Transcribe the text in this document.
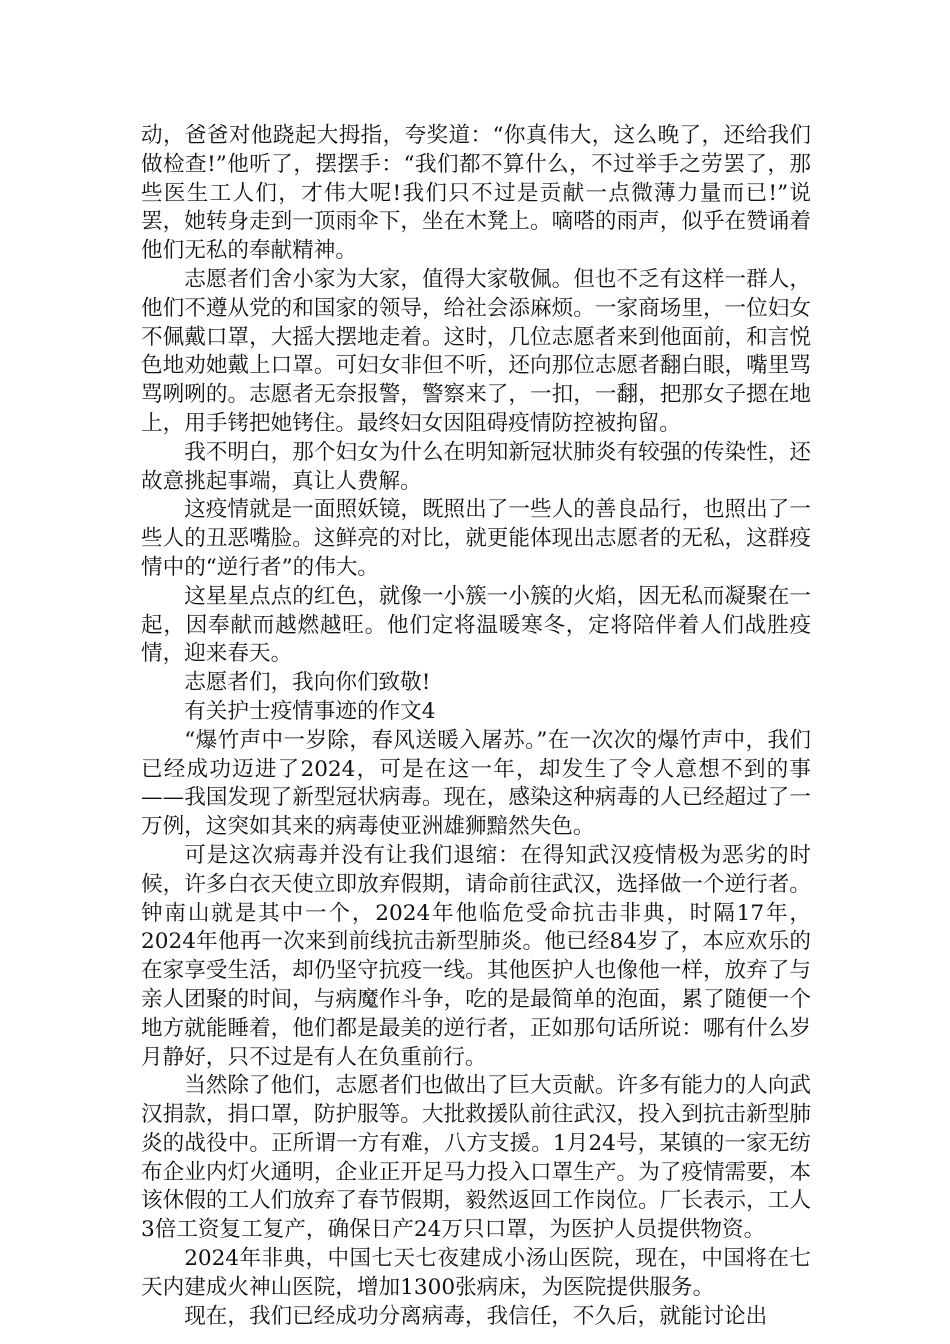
动，爸爸对他跷起大拇指，夸奖道：“你真伟大，这么晚了，还给我们做检查!”他听了，摆摆手：“我们都不算什么，不过举手之劳罢了，那些医生工人们，才伟大呢!我们只不过是贡献一点微薄力量而已!”说罢，她转身走到一顶雨伞下，坐在木凳上。嘀嗒的雨声，似乎在赞诵着他们无私的奉献精神。

志愿者们舍小家为大家，值得大家敬佩。但也不乏有这样一群人，他们不遵从党的和国家的领导，给社会添麻烦。一家商场里，一位妇女不佩戴口罩，大摇大摆地走着。这时，几位志愿者来到他面前，和言悦色地劝她戴上口罩。可妇女非但不听，还向那位志愿者翻白眼，嘴里骂骂咧咧的。志愿者无奈报警，警察来了，一扣，一翻，把那女子摁在地上，用手铐把她铐住。最终妇女因阻碍疫情防控被拘留。

我不明白，那个妇女为什么在明知新冠状肺炎有较强的传染性，还故意挑起事端，真让人费解。

这疫情就是一面照妖镜，既照出了一些人的善良品行，也照出了一些人的丑恶嘴脸。这鲜亮的对比，就更能体现出志愿者的无私，这群疫情中的“逆行者”的伟大。

这星星点点的红色，就像一小簇一小簇的火焰，因无私而凝聚在一起，因奉献而越燃越旺。他们定将温暖寒冬，定将陪伴着人们战胜疫情，迎来春天。

志愿者们，我向你们致敬!

有关护士疫情事迹的作文4

“爆竹声中一岁除，春风送暖入屠苏。”在一次次的爆竹声中，我们已经成功迈进了2024，可是在这一年，却发生了令人意想不到的事——我国发现了新型冠状病毒。现在，感染这种病毒的人已经超过了一万例，这突如其来的病毒使亚洲雄狮黯然失色。

可是这次病毒并没有让我们退缩：在得知武汉疫情极为恶劣的时候，许多白衣天使立即放弃假期，请命前往武汉，选择做一个逆行者。钟南山就是其中一个，2024年他临危受命抗击非典，时隔17年，2024年他再一次来到前线抗击新型肺炎。他已经84岁了，本应欢乐的在家享受生活，却仍坚守抗疫一线。其他医护人也像他一样，放弃了与亲人团聚的时间，与病魔作斗争，吃的是最简单的泡面，累了随便一个地方就能睡着，他们都是最美的逆行者，正如那句话所说：哪有什么岁月静好，只不过是有人在负重前行。

当然除了他们，志愿者们也做出了巨大贡献。许多有能力的人向武汉捐款，捐口罩，防护服等。大批救援队前往武汉，投入到抗击新型肺炎的战役中。正所谓一方有难，八方支援。1月24号，某镇的一家无纺布企业内灯火通明，企业正开足马力投入口罩生产。为了疫情需要，本该休假的工人们放弃了春节假期，毅然返回工作岗位。厂长表示，工人3倍工资复工复产，确保日产24万只口罩，为医护人员提供物资。

2024年非典，中国七天七夜建成小汤山医院，现在，中国将在七天内建成火神山医院，增加1300张病床，为医院提供服务。

现在，我们已经成功分离病毒，我信任，不久后，就能讨论出
